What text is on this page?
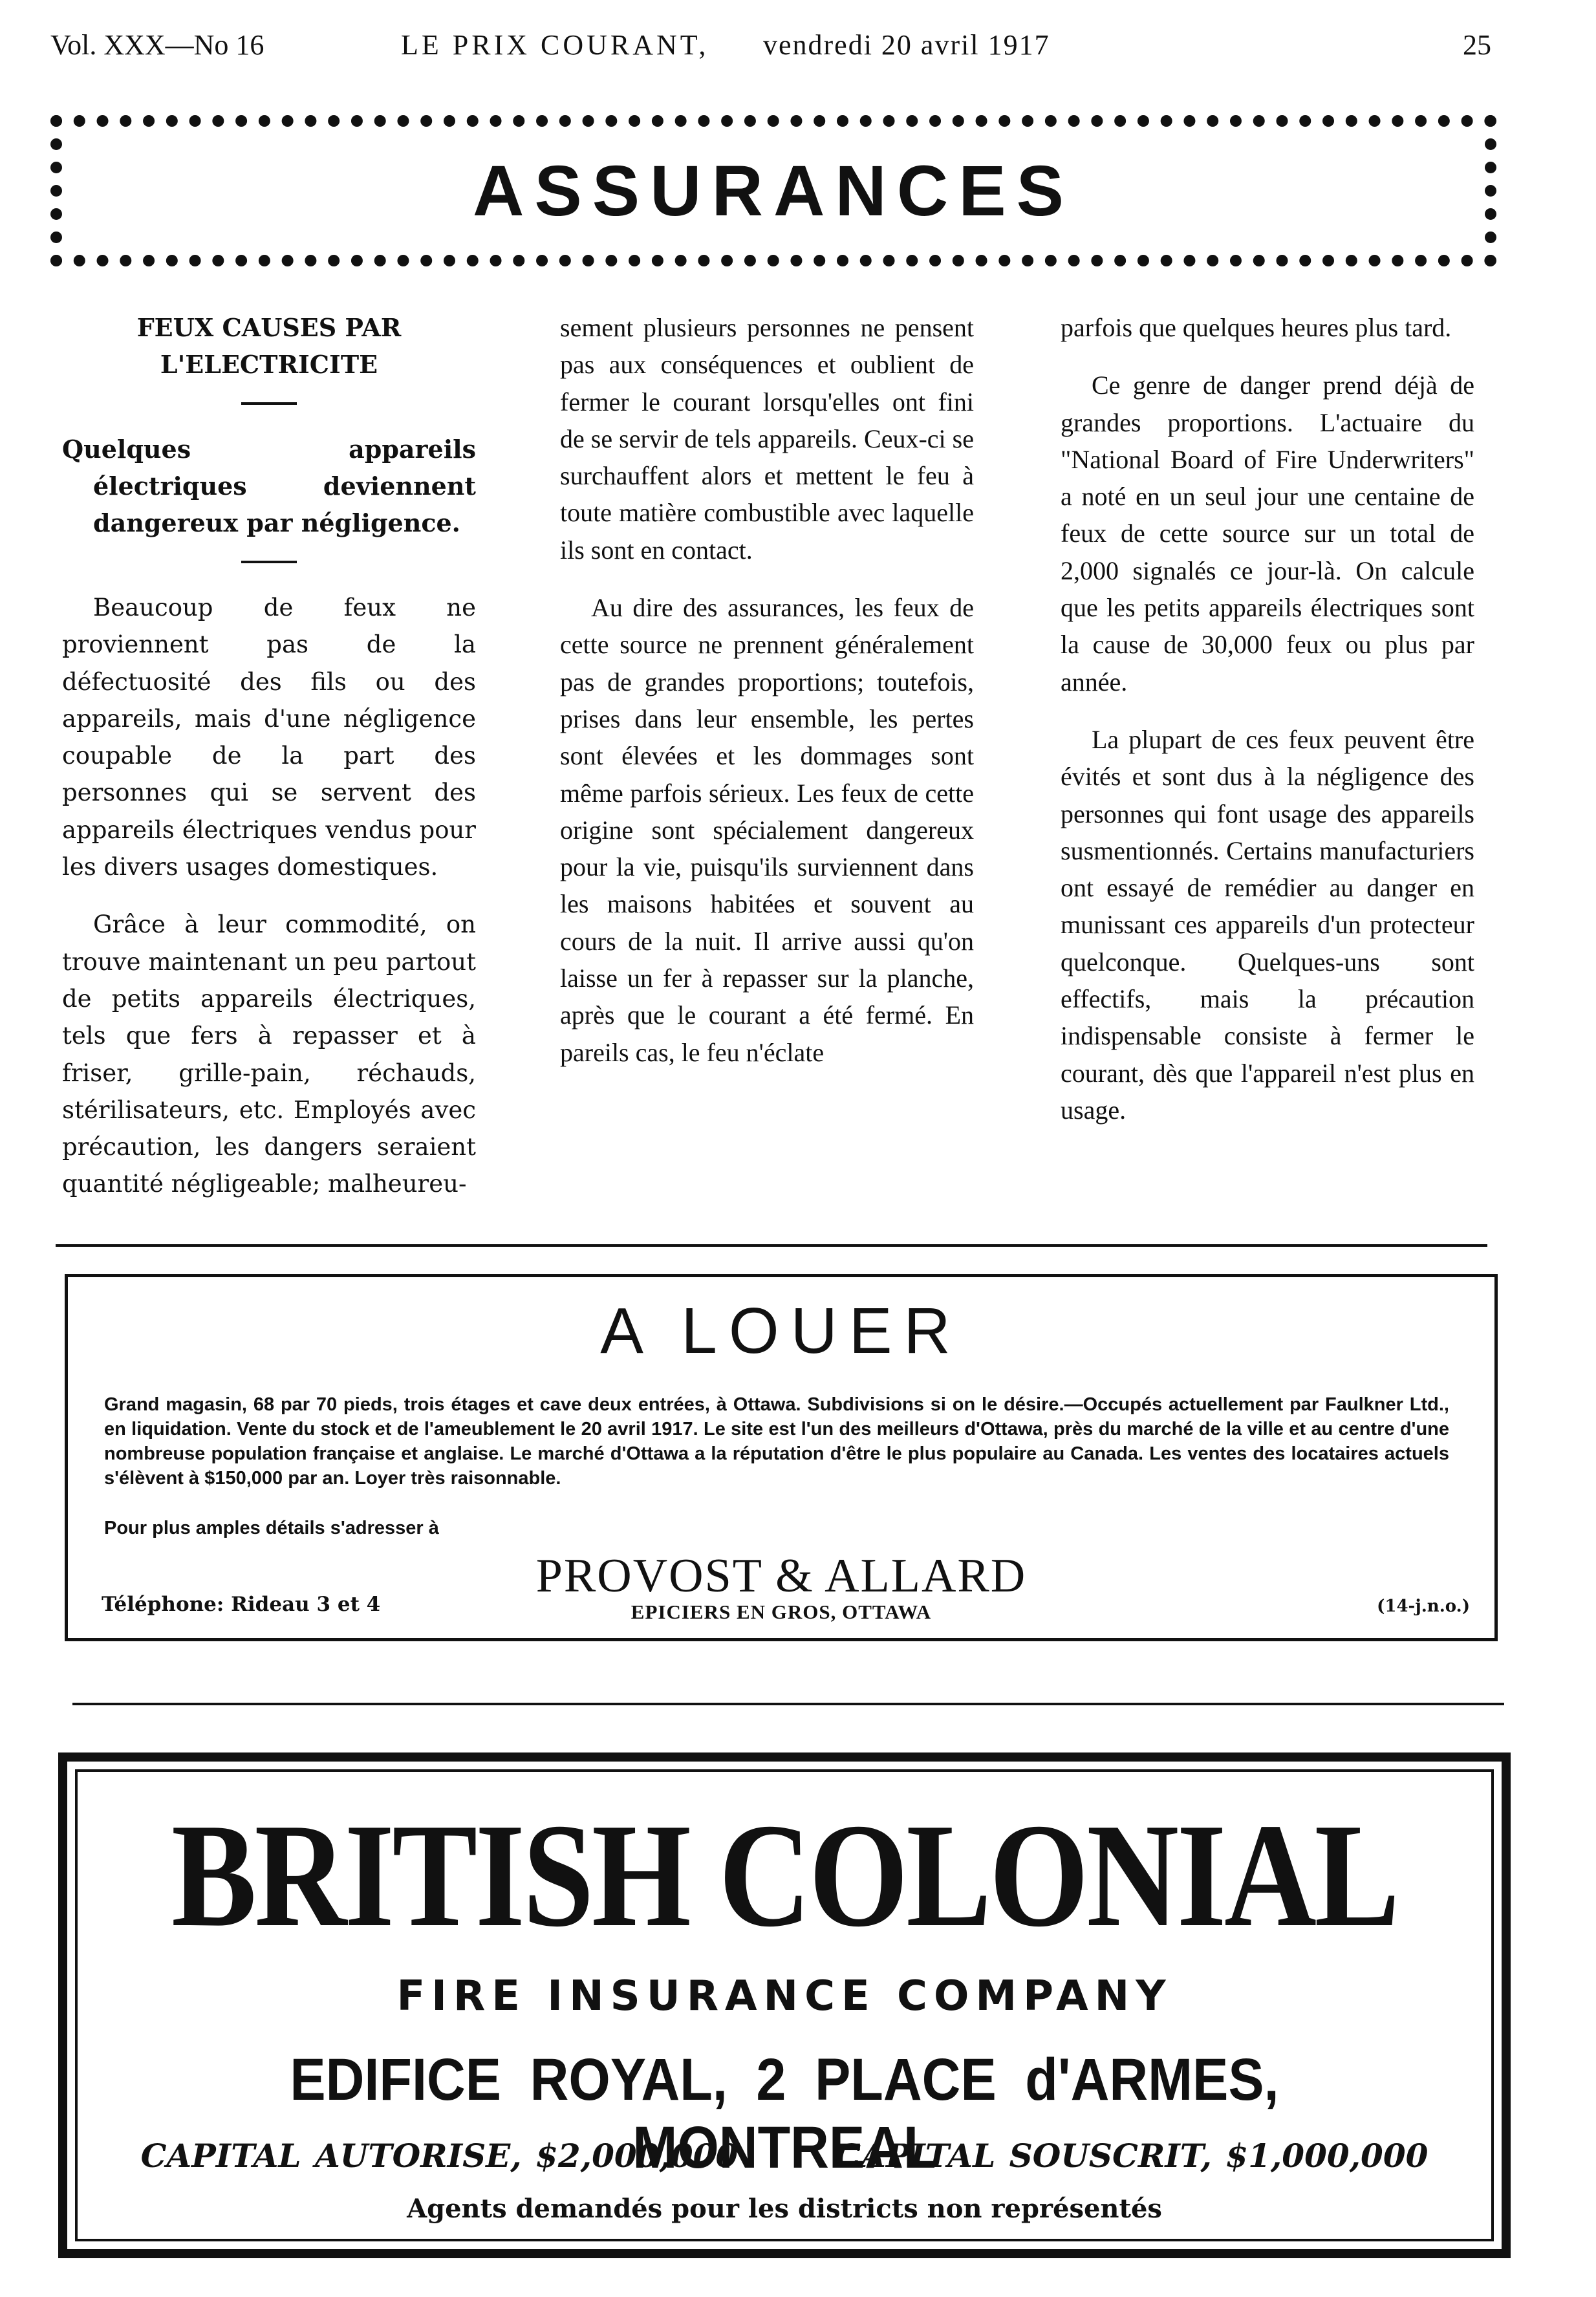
Vol. XXX—No 16	LE PRIX COURANT, vendredi 20 avril 1917	25
ASSURANCES
FEUX CAUSES PAR L'ELECTRICITE
Quelques appareils électriques deviennent dangereux par négligence.

Beaucoup de feux ne proviennent pas de la défectuosité des fils ou des appareils, mais d'une négligence coupable de la part des personnes qui se servent des appareils électriques vendus pour les divers usages domestiques.

Grâce à leur commodité, on trouve maintenant un peu partout de petits appareils électriques, tels que fers à repasser et à friser, grille-pain, réchauds, stérilisateurs, etc. Employés avec précaution, les dangers seraient quantité négligeable; malheureu-

sement plusieurs personnes ne pensent pas aux conséquences et oublient de fermer le courant lorsqu'elles ont fini de se servir de tels appareils. Ceux-ci se surchauffent alors et mettent le feu à toute matière combustible avec laquelle ils sont en contact.

Au dire des assurances, les feux de cette source ne prennent généralement pas de grandes proportions; toutefois, prises dans leur ensemble, les pertes sont élevées et les dommages sont même parfois sérieux. Les feux de cette origine sont spécialement dangereux pour la vie, puisqu'ils surviennent dans les maisons habitées et souvent au cours de la nuit. Il arrive aussi qu'on laisse un fer à repasser sur la planche, après que le courant a été fermé. En pareils cas, le feu n'éclate

parfois que quelques heures plus tard.

Ce genre de danger prend déjà de grandes proportions. L'actuaire du "National Board of Fire Underwriters" a noté en un seul jour une centaine de feux de cette source sur un total de 2,000 signalés ce jour-là. On calcule que les petits appareils électriques sont la cause de 30,000 feux ou plus par année.

La plupart de ces feux peuvent être évités et sont dus à la négligence des personnes qui font usage des appareils susmentionnés. Certains manufacturiers ont essayé de remédier au danger en munissant ces appareils d'un protecteur quelconque. Quelques-uns sont effectifs, mais la précaution indispensable consiste à fermer le courant, dès que l'appareil n'est plus en usage.

A LOUER
Grand magasin, 68 par 70 pieds, trois étages et cave deux entrées, à Ottawa. Subdivisions si on le désire.—Occupés actuellement par Faulkner Ltd., en liquidation. Vente du stock et de l'ameublement le 20 avril 1917. Le site est l'un des meilleurs d'Ottawa, près du marché de la ville et au centre d'une nombreuse population française et anglaise. Le marché d'Ottawa a la réputation d'être le plus populaire au Canada. Les ventes des locataires actuels s'élèvent à $150,000 par an. Loyer très raisonnable.
Pour plus amples détails s'adresser à
PROVOST & ALLARD
EPICIERS EN GROS, OTTAWA
Téléphone: Rideau 3 et 4	(14-j.n.o.)
BRITISH COLONIAL
FIRE INSURANCE COMPANY
EDIFICE ROYAL, 2 PLACE d'ARMES, MONTREAL
CAPITAL AUTORISE, $2,000,000	CAPITAL SOUSCRIT, $1,000,000
Agents demandés pour les districts non représentés
